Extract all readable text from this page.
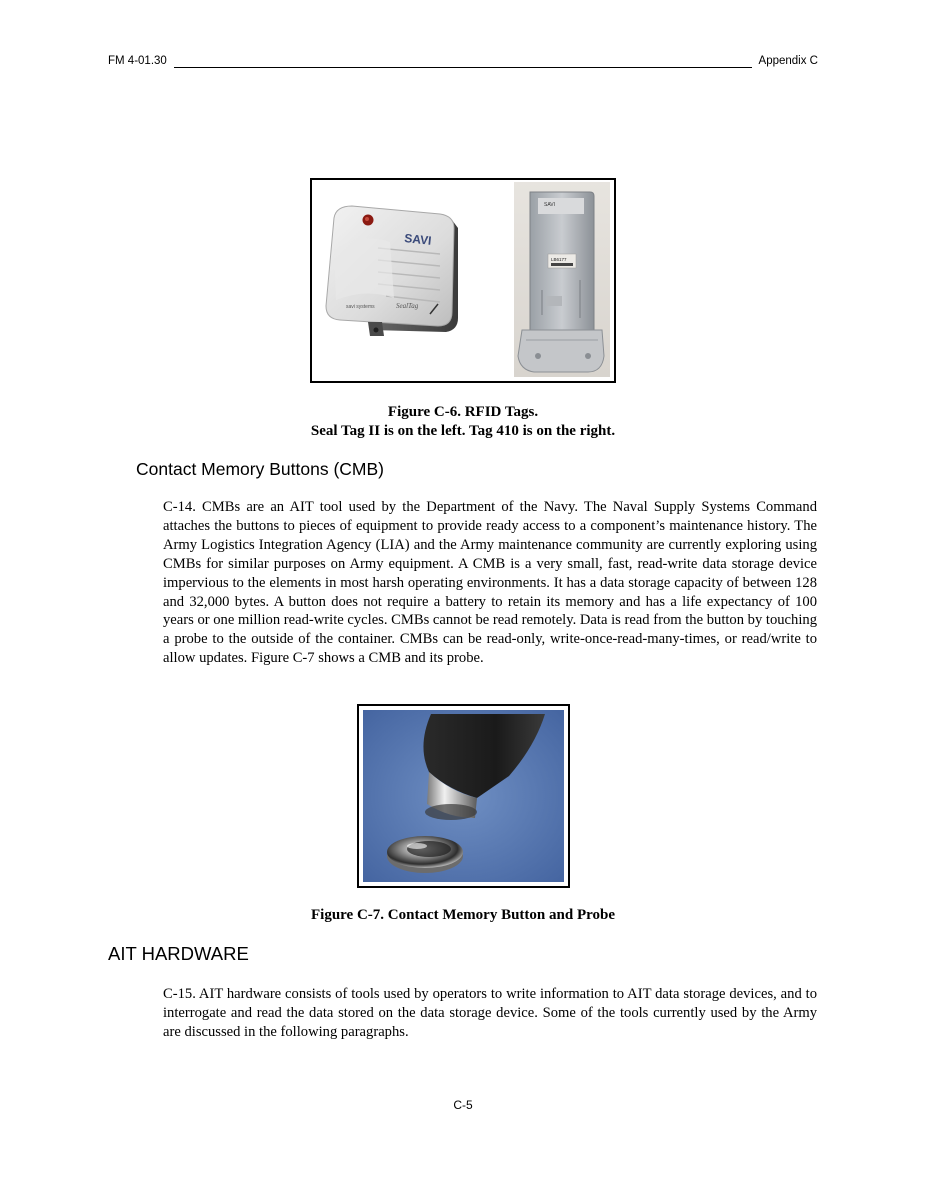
FM 4-01.30	Appendix C
SAVI
savi systems	SealTag
SAVI
LB6177
Figure C-6. RFID Tags.
Seal Tag II is on the left. Tag 410 is on the right.
Contact Memory Buttons (CMB)
C-14. CMBs are an AIT tool used by the Department of the Navy. The Naval Supply Systems Command attaches the buttons to pieces of equipment to provide ready access to a component’s maintenance history. The Army Logistics Integration Agency (LIA) and the Army maintenance community are currently exploring using CMBs for similar purposes on Army equipment. A CMB is a very small, fast, read-write data storage device impervious to the elements in most harsh operating environments. It has a data storage capacity of between 128 and 32,000 bytes. A button does not require a battery to retain its memory and has a life expectancy of 100 years or one million read-write cycles. CMBs cannot be read remotely. Data is read from the button by touching a probe to the outside of the container. CMBs can be read-only, write-once-read-many-times, or read/write to allow updates. Figure C-7 shows a CMB and its probe.
Figure C-7. Contact Memory Button and Probe
AIT HARDWARE
C-15. AIT hardware consists of tools used by operators to write information to AIT data storage devices, and to interrogate and read the data stored on the data storage device. Some of the tools currently used by the Army are discussed in the following paragraphs.
C-5
